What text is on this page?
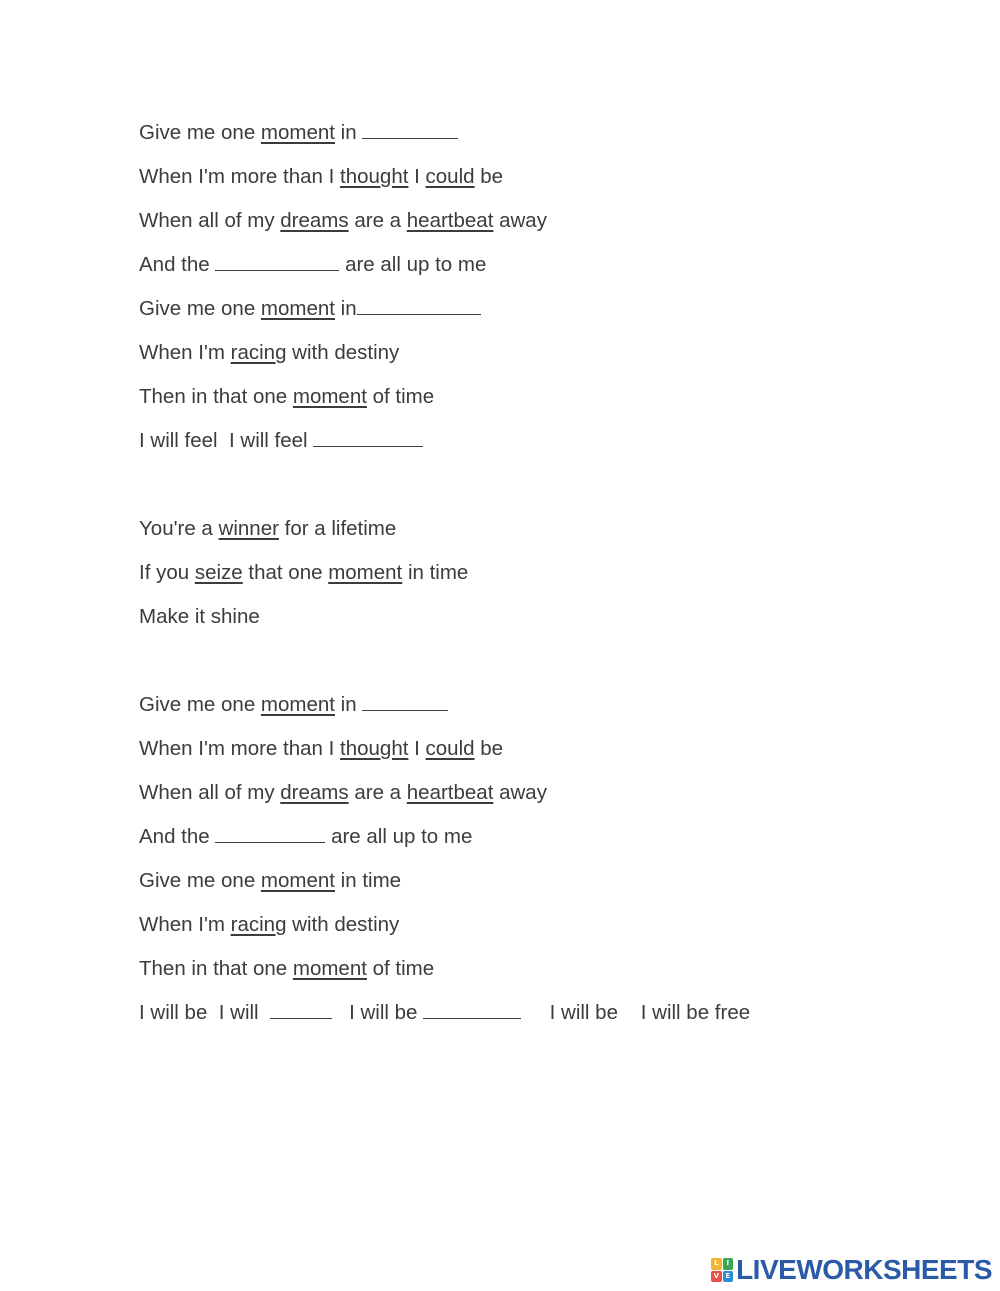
Give me one moment in
When I'm more than I thought I could be
When all of my dreams are a heartbeat away
And the	are all up to me
Give me one moment in
When I'm racing with destiny
Then in that one moment of time
I will feel  I will feel
You're a winner for a lifetime
If you seize that one moment in time
Make it shine
Give me one moment in
When I'm more than I thought I could be
When all of my dreams are a heartbeat away
And the	are all up to me
Give me one moment in time
When I'm racing with destiny
Then in that one moment of time
I will be  I will	I will be	I will be    I will be free
L	I
V E LIVEWORKSHEETS
